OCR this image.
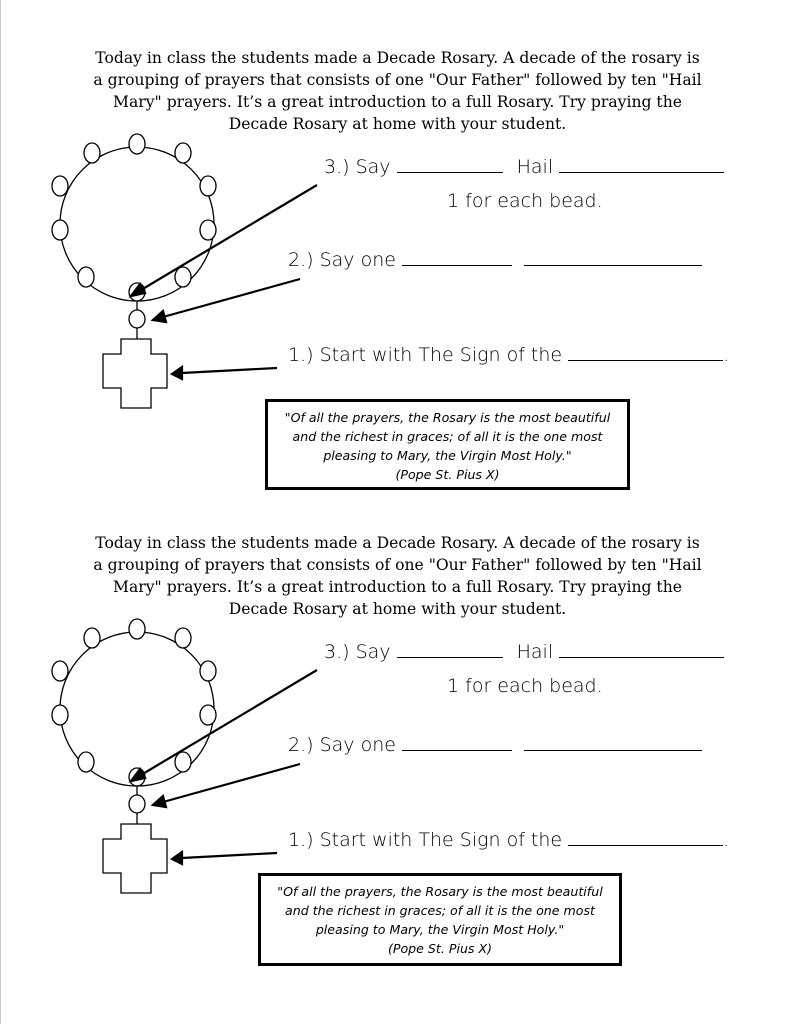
Today in class the students made a Decade Rosary. A decade of the rosary is
a grouping of prayers that consists of one "Our Father" followed by ten "Hail
Mary" prayers. It’s a great introduction to a full Rosary. Try praying the
Decade Rosary at home with your student.
3.) Say	Hail
1 for each bead.
2.) Say one
1.) Start with The Sign of the	.
"Of all the prayers, the Rosary is the most beautiful
and the richest in graces; of all it is the one most
pleasing to Mary, the Virgin Most Holy."
(Pope St. Pius X)
Today in class the students made a Decade Rosary. A decade of the rosary is
a grouping of prayers that consists of one "Our Father" followed by ten "Hail
Mary" prayers. It’s a great introduction to a full Rosary. Try praying the
Decade Rosary at home with your student.
3.) Say	Hail
1 for each bead.
2.) Say one
1.) Start with The Sign of the	.
"Of all the prayers, the Rosary is the most beautiful
and the richest in graces; of all it is the one most
pleasing to Mary, the Virgin Most Holy."
(Pope St. Pius X)
